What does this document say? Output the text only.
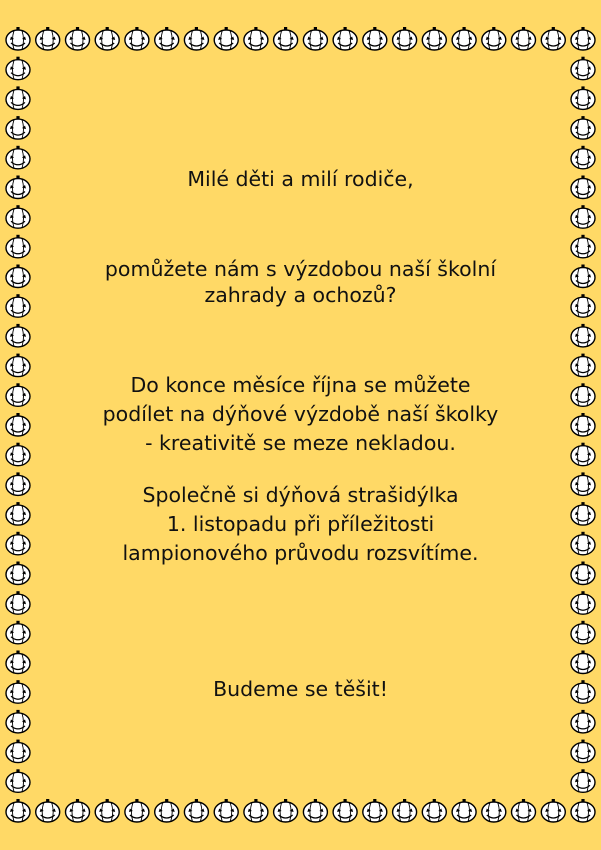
Milé děti a milí rodiče,
pomůžete nám s výzdobou naší školní
zahrady a ochozů?
Do konce měsíce října se můžete
podílet na dýňové výzdobě naší školky
- kreativitě se meze nekladou.
Společně si dýňová strašidýlka
1. listopadu při příležitosti
lampionového průvodu rozsvítíme.
Budeme se těšit!
